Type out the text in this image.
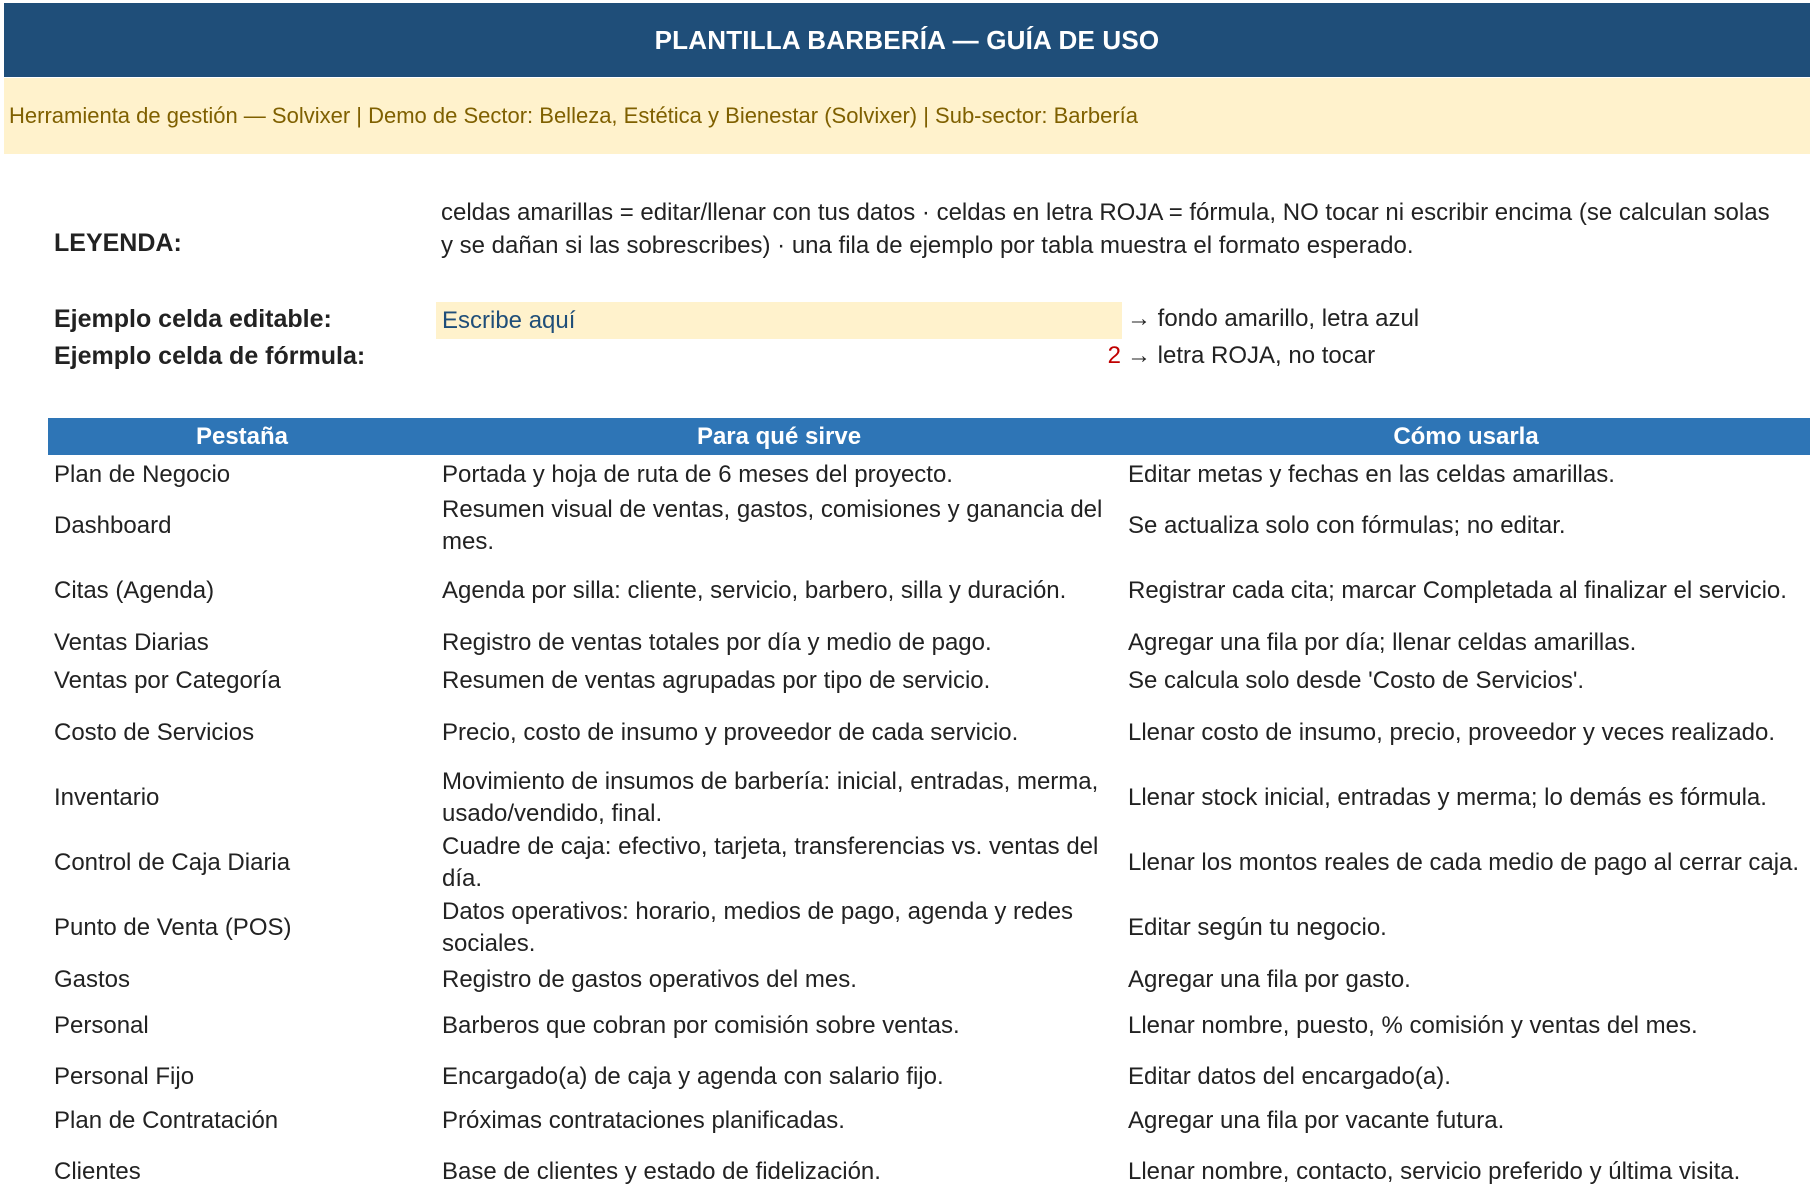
PLANTILLA BARBERÍA — GUÍA DE USO
Herramienta de gestión — Solvixer | Demo de Sector: Belleza, Estética y Bienestar (Solvixer) | Sub-sector: Barbería
LEYENDA:
celdas amarillas = editar/llenar con tus datos · celdas en letra ROJA = fórmula, NO tocar ni escribir encima (se calculan solas y se dañan si las sobrescribes) · una fila de ejemplo por tabla muestra el formato esperado.
Ejemplo celda editable:	Escribe aquí	→ fondo amarillo, letra azul
Ejemplo celda de fórmula:	2 → letra ROJA, no tocar
Pestaña	Para qué sirve	Cómo usarla
Plan de Negocio	Portada y hoja de ruta de 6 meses del proyecto.	Editar metas y fechas en las celdas amarillas.
Dashboard	Resumen visual de ventas, gastos, comisiones y ganancia del mes.	Se actualiza solo con fórmulas; no editar.
Citas (Agenda)	Agenda por silla: cliente, servicio, barbero, silla y duración.	Registrar cada cita; marcar Completada al finalizar el servicio.
Ventas Diarias	Registro de ventas totales por día y medio de pago.	Agregar una fila por día; llenar celdas amarillas.
Ventas por Categoría	Resumen de ventas agrupadas por tipo de servicio.	Se calcula solo desde 'Costo de Servicios'.
Costo de Servicios	Precio, costo de insumo y proveedor de cada servicio.	Llenar costo de insumo, precio, proveedor y veces realizado.
Inventario	Movimiento de insumos de barbería: inicial, entradas, merma, usado/vendido, final.	Llenar stock inicial, entradas y merma; lo demás es fórmula.
Control de Caja Diaria	Cuadre de caja: efectivo, tarjeta, transferencias vs. ventas del día.	Llenar los montos reales de cada medio de pago al cerrar caja.
Punto de Venta (POS)	Datos operativos: horario, medios de pago, agenda y redes sociales.	Editar según tu negocio.
Gastos	Registro de gastos operativos del mes.	Agregar una fila por gasto.
Personal	Barberos que cobran por comisión sobre ventas.	Llenar nombre, puesto, % comisión y ventas del mes.
Personal Fijo	Encargado(a) de caja y agenda con salario fijo.	Editar datos del encargado(a).
Plan de Contratación	Próximas contrataciones planificadas.	Agregar una fila por vacante futura.
Clientes	Base de clientes y estado de fidelización.	Llenar nombre, contacto, servicio preferido y última visita.
